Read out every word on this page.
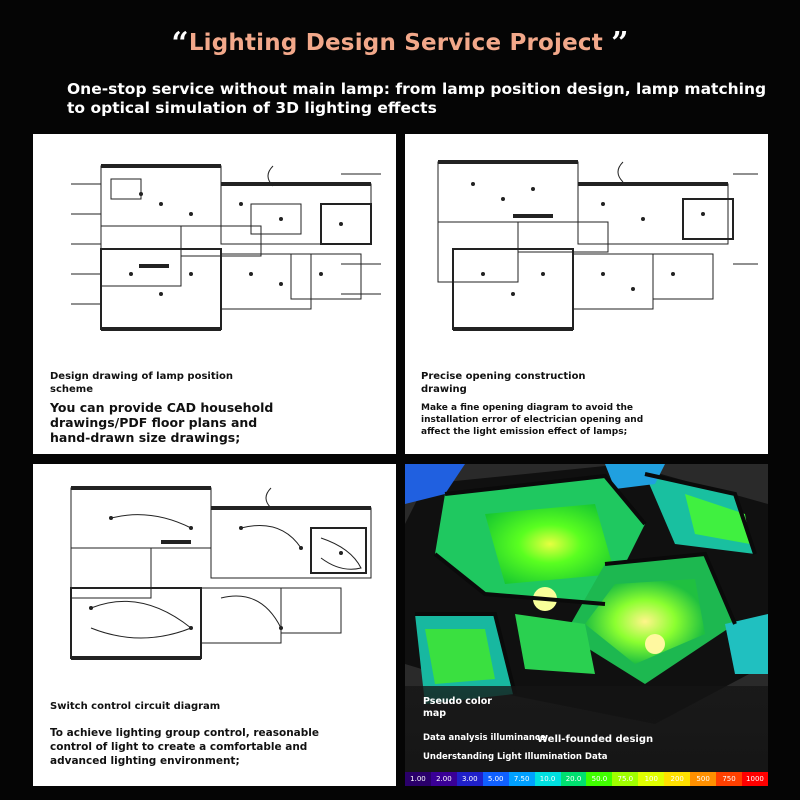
“Lighting Design Service Project ”
One-stop service without main lamp: from lamp position design, lamp matching to optical simulation of 3D lighting effects
Design drawing of lamp position scheme
You can provide CAD household drawings/PDF floor plans and hand-drawn size drawings;
Precise opening construction drawing
Make a fine opening diagram to avoid the installation error of electrician opening and affect the light emission effect of lamps;
Switch control circuit diagram
To achieve lighting group control, reasonable control of light to create a comfortable and advanced lighting environment;
Pseudo color map
Data analysis illuminance
Well-founded design
Understanding Light Illumination Data
1.00	2.00	3.00	5.00	7.50	10.0	20.0	50.0	75.0	100	200	500	750	1000
